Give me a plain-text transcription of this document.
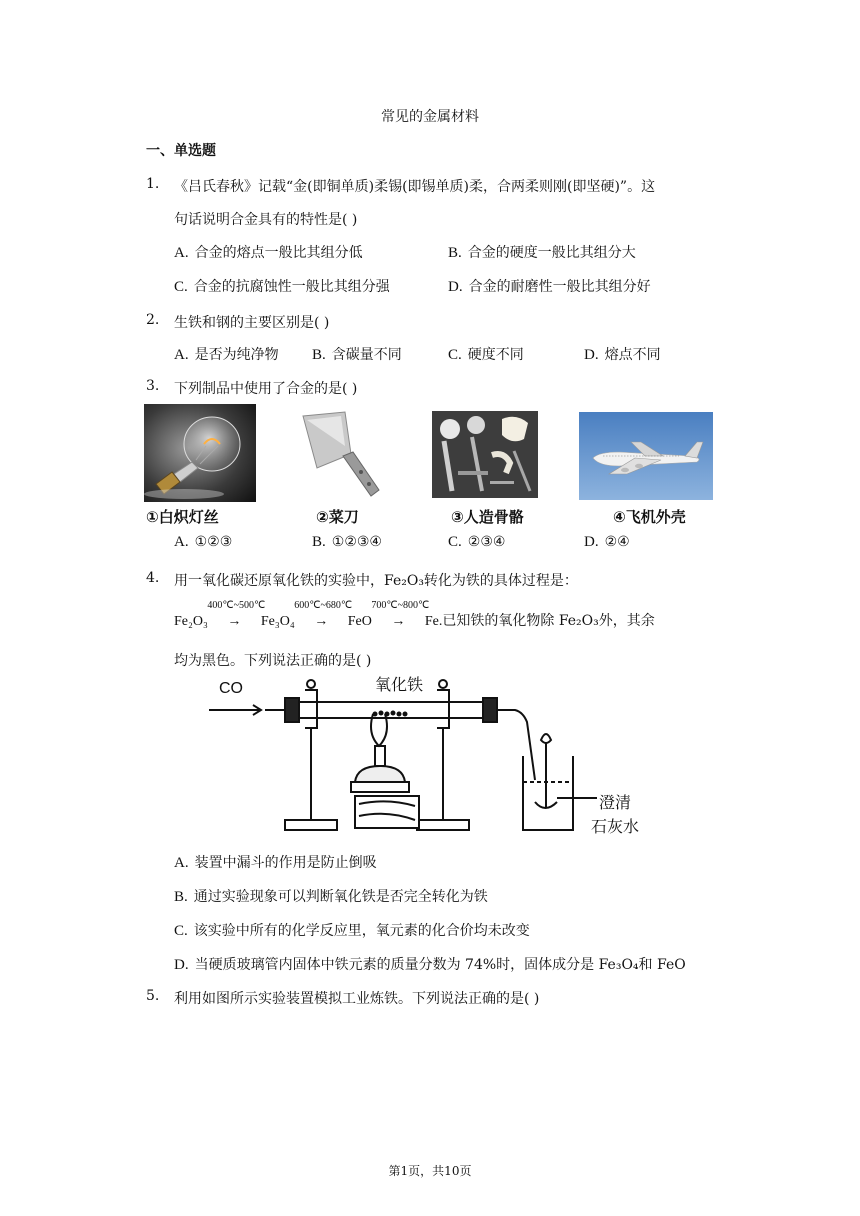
常见的金属材料
一、单选题
1. 《吕氏春秋》记载“金(即铜单质)柔锡(即锡单质)柔，合两柔则刚(即坚硬)”。这
句话说明合金具有的特性是( )
A. 合金的熔点一般比其组分低	B. 合金的硬度一般比其组分大
C. 合金的抗腐蚀性一般比其组分强	D. 合金的耐磨性一般比其组分好
2. 生铁和钢的主要区别是( )
A. 是否为纯净物 B. 含碳量不同	C. 硬度不同	D. 熔点不同
3. 下列制品中使用了合金的是( )
①白炽灯丝	②菜刀	③人造骨骼	④飞机外壳
A. ①②③	B. ①②③④	C. ②③④	D. ②④
4. 用一氧化碳还原氧化铁的实验中，Fe₂O₃转化为铁的具体过程是：
Fe₂O₃
400℃~500℃
→ Fe₃O₄
600℃~680℃
→ FeO
700℃~800℃
→ Fe.已知铁的氧化物除 Fe₂O₃外，其余
均为黑色。下列说法正确的是( )
CO	氧化铁
澄清
石灰水
A. 装置中漏斗的作用是防止倒吸
B. 通过实验现象可以判断氧化铁是否完全转化为铁
C. 该实验中所有的化学反应里，氧元素的化合价均未改变
D. 当硬质玻璃管内固体中铁元素的质量分数为 74%时，固体成分是 Fe₃O₄和 FeO
5. 利用如图所示实验装置模拟工业炼铁。下列说法正确的是( )
第1页，共10页
